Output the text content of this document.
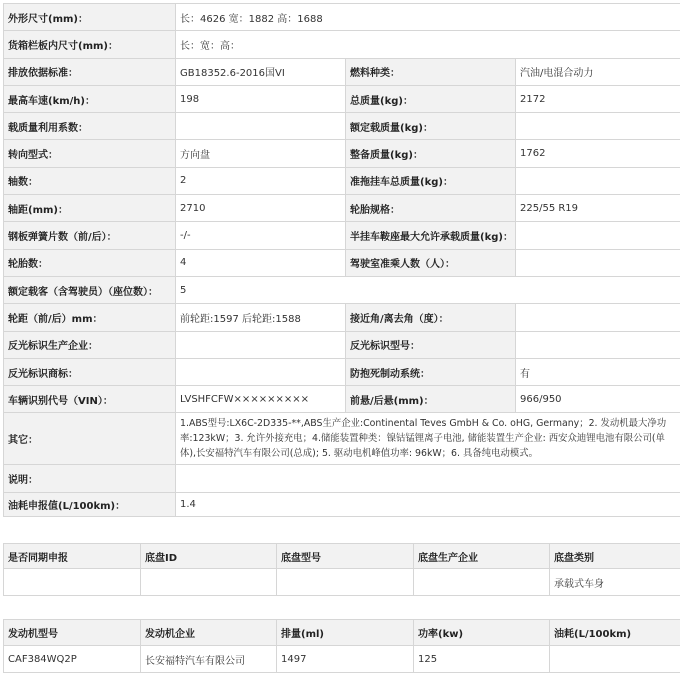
外形尺寸(mm)：	长：4626 宽：1882 高：1688		
货箱栏板内尺寸(mm)：	长：宽：高：		
排放依据标准：	GB18352.6-2016国VI	燃料种类：	汽油/电混合动力
最高车速(km/h)：	198	总质量(kg)：	2172
载质量利用系数：		额定载质量(kg)：	
转向型式：	方向盘	整备质量(kg)：	1762
轴数：	2	准拖挂车总质量(kg)：	
轴距(mm)：	2710	轮胎规格：	225/55 R19
钢板弹簧片数（前/后）：	-/-	半挂车鞍座最大允许承载质量(kg)：	
轮胎数：	4	驾驶室准乘人数（人）：	
额定载客（含驾驶员）（座位数）：	5		
轮距（前/后）mm：	前轮距:1597 后轮距:1588	接近角/离去角（度）：	
反光标识生产企业：		反光标识型号：	
反光标识商标：		防抱死制动系统：	有
车辆识别代号（VIN）：	LVSHFCFW×××××××××	前悬/后悬(mm)：	966/950
其它：	1.ABS型号:LX6C-2D335-**,ABS生产企业:Continental Teves GmbH & Co. oHG, Germany；2. 发动机最大净功率:123kW；3. 允许外接充电；4.储能装置种类：镍钴锰锂离子电池, 储能装置生产企业: 西安众迪锂电池有限公司(单体),长安福特汽车有限公司(总成); 5. 驱动电机峰值功率: 96kW；6. 具备纯电动模式。		
说明：			
油耗申报值(L/100km)：	1.4		
是否同期申报	底盘ID	底盘型号	底盘生产企业	底盘类别
				承载式车身
发动机型号	发动机企业	排量(ml)	功率(kw)	油耗(L/100km)
CAF384WQ2P	长安福特汽车有限公司	1497	125	
